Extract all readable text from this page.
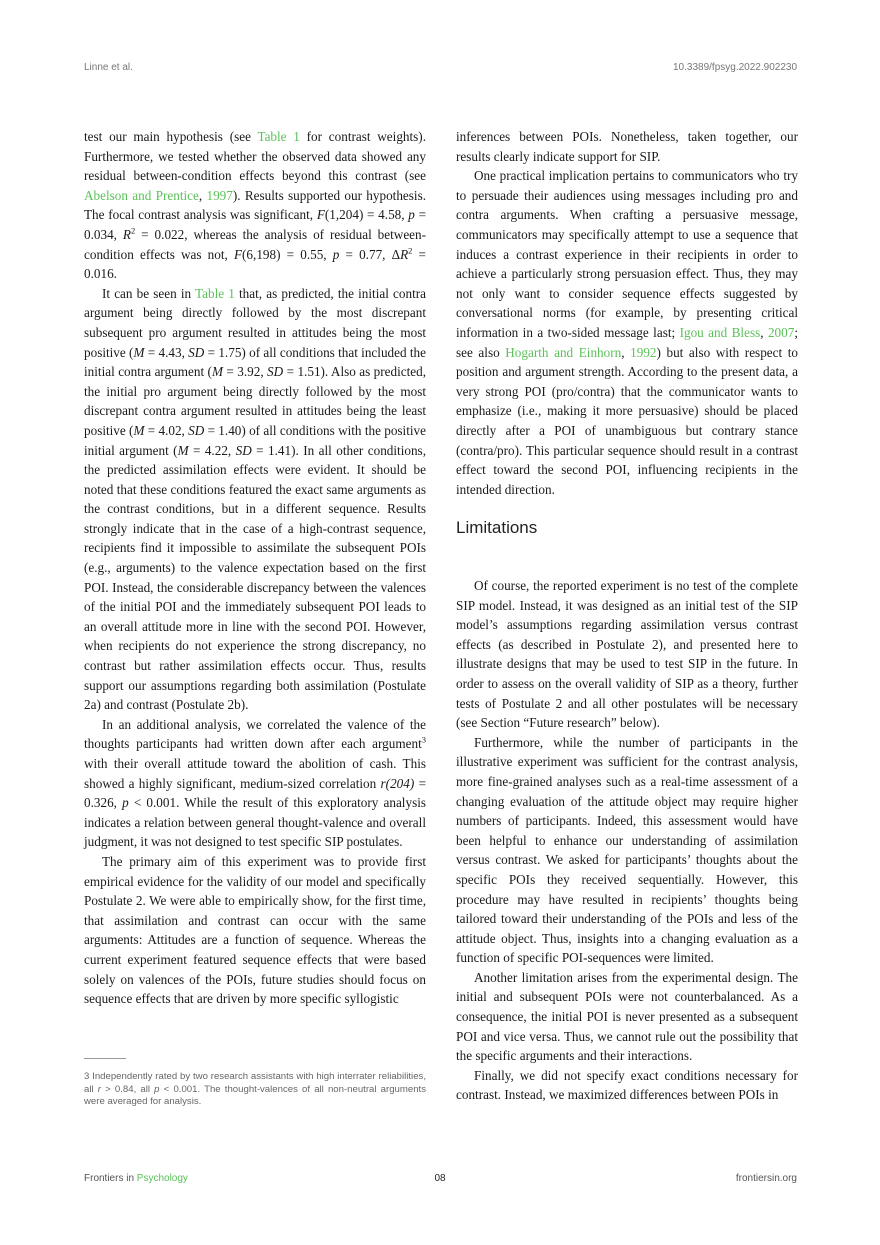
Linne et al.	10.3389/fpsyg.2022.902230

test our main hypothesis (see Table 1 for contrast weights). Furthermore, we tested whether the observed data showed any residual between-condition effects beyond this contrast (see Abelson and Prentice, 1997). Results supported our hypothesis. The focal contrast analysis was significant, F(1,204) = 4.58, p = 0.034, $R^2 = 0.022$, whereas the analysis of residual between-condition effects was not, F(6,198) = 0.55, p = 0.77, $\Delta R^2 = 0.016$.

It can be seen in Table 1 that, as predicted, the initial contra argument being directly followed by the most discrepant subsequent pro argument resulted in attitudes being the most positive (M = 4.43, SD = 1.75) of all conditions that included the initial contra argument (M = 3.92, SD = 1.51). Also as predicted, the initial pro argument being directly followed by the most discrepant contra argument resulted in attitudes being the least positive (M = 4.02, SD = 1.40) of all conditions with the positive initial argument (M = 4.22, SD = 1.41). In all other conditions, the predicted assimilation effects were evident. It should be noted that these conditions featured the exact same arguments as the contrast conditions, but in a different sequence. Results strongly indicate that in the case of a high-contrast sequence, recipients find it impossible to assimilate the subsequent POIs (e.g., arguments) to the valence expectation based on the first POI. Instead, the considerable discrepancy between the valences of the initial POI and the immediately subsequent POI leads to an overall attitude more in line with the second POI. However, when recipients do not experience the strong discrepancy, no contrast but rather assimilation effects occur. Thus, results support our assumptions regarding both assimilation (Postulate 2a) and contrast (Postulate 2b).

In an additional analysis, we correlated the valence of the thoughts participants had written down after each argument$^3$ with their overall attitude toward the abolition of cash. This showed a highly significant, medium-sized correlation r(204) = 0.326, p < 0.001. While the result of this exploratory analysis indicates a relation between general thought-valence and overall judgment, it was not designed to test specific SIP postulates.

The primary aim of this experiment was to provide first empirical evidence for the validity of our model and specifically Postulate 2. We were able to empirically show, for the first time, that assimilation and contrast can occur with the same arguments: Attitudes are a function of sequence. Whereas the current experiment featured sequence effects that were based solely on valences of the POIs, future studies should focus on sequence effects that are driven by more specific syllogistic

inferences between POIs. Nonetheless, taken together, our results clearly indicate support for SIP.

One practical implication pertains to communicators who try to persuade their audiences using messages including pro and contra arguments. When crafting a persuasive message, communicators may specifically attempt to use a sequence that induces a contrast experience in their recipients in order to achieve a particularly strong persuasion effect. Thus, they may not only want to consider sequence effects suggested by conversational norms (for example, by presenting critical information in a two-sided message last; Igou and Bless, 2007; see also Hogarth and Einhorn, 1992) but also with respect to position and argument strength. According to the present data, a very strong POI (pro/contra) that the communicator wants to emphasize (i.e., making it more persuasive) should be placed directly after a POI of unambiguous but contrary stance (contra/pro). This particular sequence should result in a contrast effect toward the second POI, influencing recipients in the intended direction.

Limitations

Of course, the reported experiment is no test of the complete SIP model. Instead, it was designed as an initial test of the SIP model’s assumptions regarding assimilation versus contrast effects (as described in Postulate 2), and presented here to illustrate designs that may be used to test SIP in the future. In order to assess on the overall validity of SIP as a theory, further tests of Postulate 2 and all other postulates will be necessary (see Section “Future research” below).

Furthermore, while the number of participants in the illustrative experiment was sufficient for the contrast analysis, more fine-grained analyses such as a real-time assessment of a changing evaluation of the attitude object may require higher numbers of participants. Indeed, this assessment would have been helpful to enhance our understanding of assimilation versus contrast. We asked for participants’ thoughts about the specific POIs they received sequentially. However, this procedure may have resulted in recipients’ thoughts being tailored toward their understanding of the POIs and less of the attitude object. Thus, insights into a changing evaluation as a function of specific POI-sequences were limited.

Another limitation arises from the experimental design. The initial and subsequent POIs were not counterbalanced. As a consequence, the initial POI is never presented as a subsequent POI and vice versa. Thus, we cannot rule out the possibility that the specific arguments and their interactions.

Finally, we did not specify exact conditions necessary for contrast. Instead, we maximized differences between POIs in

3 Independently rated by two research assistants with high interrater reliabilities, all r > 0.84, all p < 0.001. The thought-valences of all non-neutral arguments were averaged for analysis.
Frontiers in Psychology	08	frontiersin.org
